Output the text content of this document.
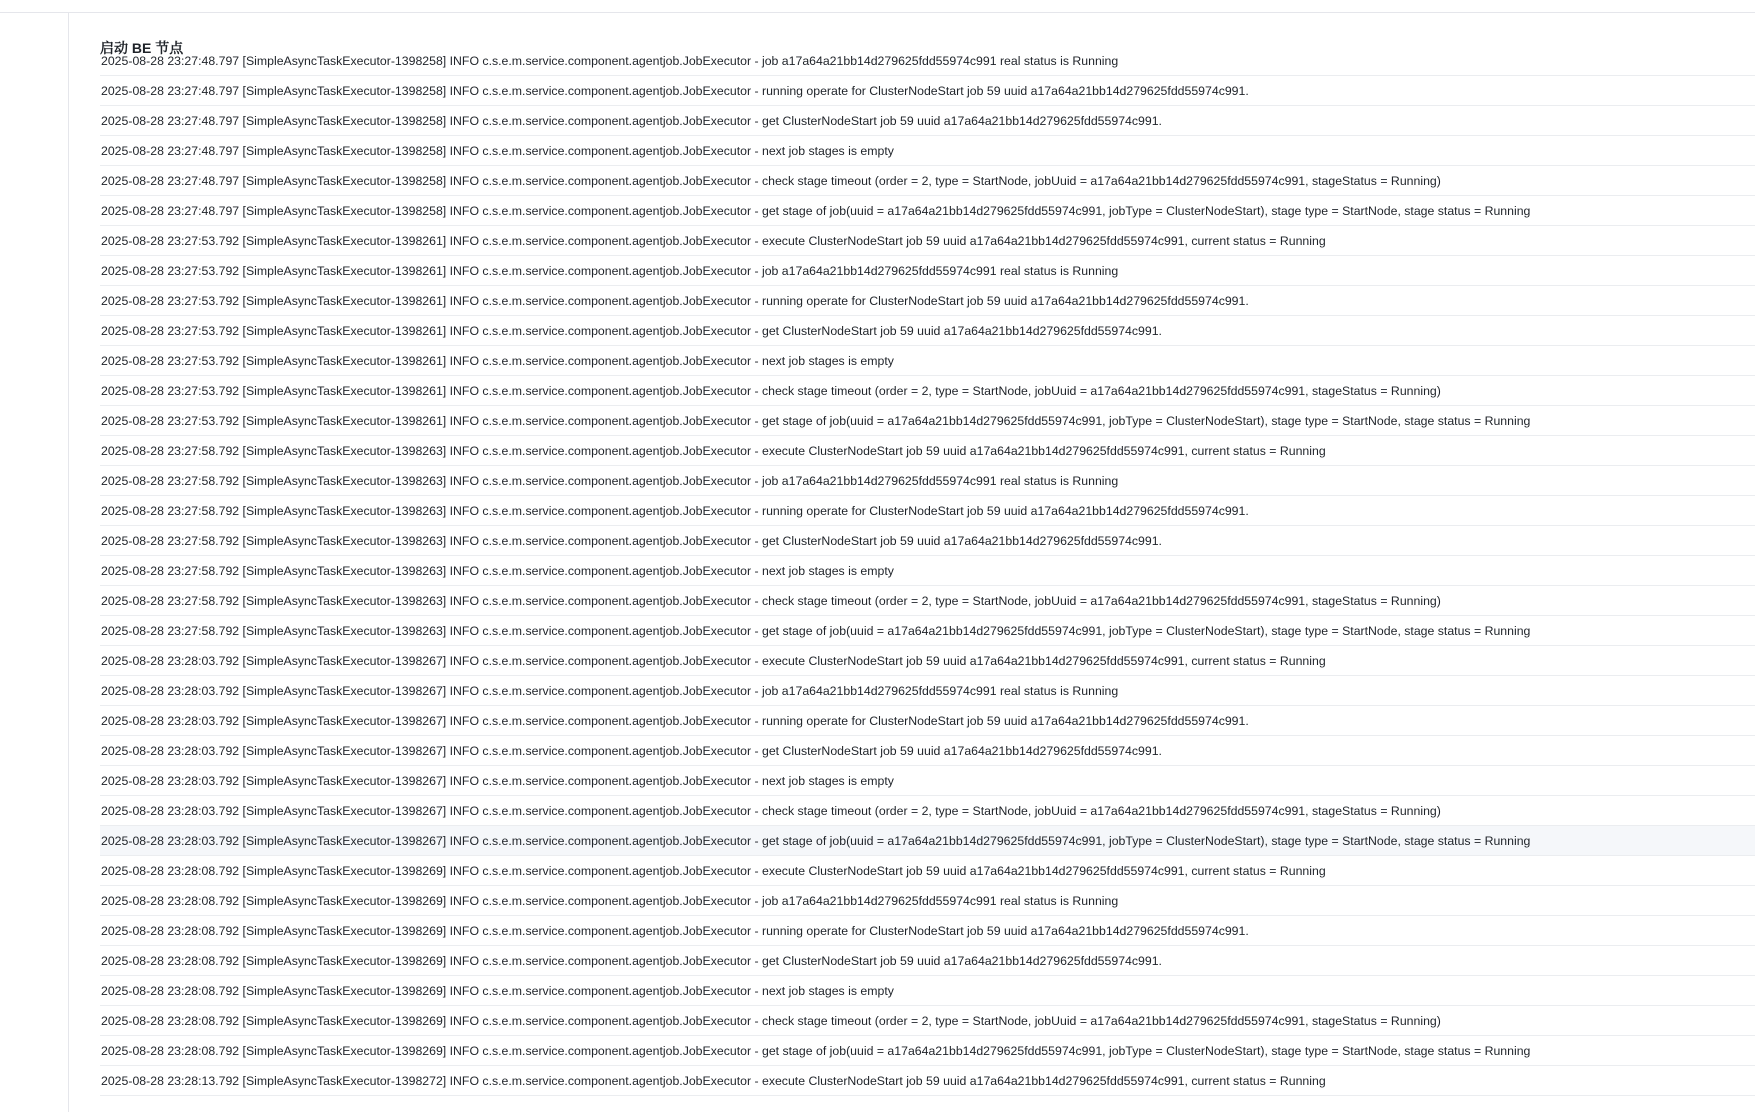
启动 BE 节点
2025-08-28 23:27:48.797 [SimpleAsyncTaskExecutor-1398258] INFO c.s.e.m.service.component.agentjob.JobExecutor - job a17a64a21bb14d279625fdd55974c991 real status is Running
2025-08-28 23:27:48.797 [SimpleAsyncTaskExecutor-1398258] INFO c.s.e.m.service.component.agentjob.JobExecutor - running operate for ClusterNodeStart job 59 uuid a17a64a21bb14d279625fdd55974c991.
2025-08-28 23:27:48.797 [SimpleAsyncTaskExecutor-1398258] INFO c.s.e.m.service.component.agentjob.JobExecutor - get ClusterNodeStart job 59 uuid a17a64a21bb14d279625fdd55974c991.
2025-08-28 23:27:48.797 [SimpleAsyncTaskExecutor-1398258] INFO c.s.e.m.service.component.agentjob.JobExecutor - next job stages is empty
2025-08-28 23:27:48.797 [SimpleAsyncTaskExecutor-1398258] INFO c.s.e.m.service.component.agentjob.JobExecutor - check stage timeout (order = 2, type = StartNode, jobUuid = a17a64a21bb14d279625fdd55974c991, stageStatus = Running)
2025-08-28 23:27:48.797 [SimpleAsyncTaskExecutor-1398258] INFO c.s.e.m.service.component.agentjob.JobExecutor - get stage of job(uuid = a17a64a21bb14d279625fdd55974c991, jobType = ClusterNodeStart), stage type = StartNode, stage status = Running
2025-08-28 23:27:53.792 [SimpleAsyncTaskExecutor-1398261] INFO c.s.e.m.service.component.agentjob.JobExecutor - execute ClusterNodeStart job 59 uuid a17a64a21bb14d279625fdd55974c991, current status = Running
2025-08-28 23:27:53.792 [SimpleAsyncTaskExecutor-1398261] INFO c.s.e.m.service.component.agentjob.JobExecutor - job a17a64a21bb14d279625fdd55974c991 real status is Running
2025-08-28 23:27:53.792 [SimpleAsyncTaskExecutor-1398261] INFO c.s.e.m.service.component.agentjob.JobExecutor - running operate for ClusterNodeStart job 59 uuid a17a64a21bb14d279625fdd55974c991.
2025-08-28 23:27:53.792 [SimpleAsyncTaskExecutor-1398261] INFO c.s.e.m.service.component.agentjob.JobExecutor - get ClusterNodeStart job 59 uuid a17a64a21bb14d279625fdd55974c991.
2025-08-28 23:27:53.792 [SimpleAsyncTaskExecutor-1398261] INFO c.s.e.m.service.component.agentjob.JobExecutor - next job stages is empty
2025-08-28 23:27:53.792 [SimpleAsyncTaskExecutor-1398261] INFO c.s.e.m.service.component.agentjob.JobExecutor - check stage timeout (order = 2, type = StartNode, jobUuid = a17a64a21bb14d279625fdd55974c991, stageStatus = Running)
2025-08-28 23:27:53.792 [SimpleAsyncTaskExecutor-1398261] INFO c.s.e.m.service.component.agentjob.JobExecutor - get stage of job(uuid = a17a64a21bb14d279625fdd55974c991, jobType = ClusterNodeStart), stage type = StartNode, stage status = Running
2025-08-28 23:27:58.792 [SimpleAsyncTaskExecutor-1398263] INFO c.s.e.m.service.component.agentjob.JobExecutor - execute ClusterNodeStart job 59 uuid a17a64a21bb14d279625fdd55974c991, current status = Running
2025-08-28 23:27:58.792 [SimpleAsyncTaskExecutor-1398263] INFO c.s.e.m.service.component.agentjob.JobExecutor - job a17a64a21bb14d279625fdd55974c991 real status is Running
2025-08-28 23:27:58.792 [SimpleAsyncTaskExecutor-1398263] INFO c.s.e.m.service.component.agentjob.JobExecutor - running operate for ClusterNodeStart job 59 uuid a17a64a21bb14d279625fdd55974c991.
2025-08-28 23:27:58.792 [SimpleAsyncTaskExecutor-1398263] INFO c.s.e.m.service.component.agentjob.JobExecutor - get ClusterNodeStart job 59 uuid a17a64a21bb14d279625fdd55974c991.
2025-08-28 23:27:58.792 [SimpleAsyncTaskExecutor-1398263] INFO c.s.e.m.service.component.agentjob.JobExecutor - next job stages is empty
2025-08-28 23:27:58.792 [SimpleAsyncTaskExecutor-1398263] INFO c.s.e.m.service.component.agentjob.JobExecutor - check stage timeout (order = 2, type = StartNode, jobUuid = a17a64a21bb14d279625fdd55974c991, stageStatus = Running)
2025-08-28 23:27:58.792 [SimpleAsyncTaskExecutor-1398263] INFO c.s.e.m.service.component.agentjob.JobExecutor - get stage of job(uuid = a17a64a21bb14d279625fdd55974c991, jobType = ClusterNodeStart), stage type = StartNode, stage status = Running
2025-08-28 23:28:03.792 [SimpleAsyncTaskExecutor-1398267] INFO c.s.e.m.service.component.agentjob.JobExecutor - execute ClusterNodeStart job 59 uuid a17a64a21bb14d279625fdd55974c991, current status = Running
2025-08-28 23:28:03.792 [SimpleAsyncTaskExecutor-1398267] INFO c.s.e.m.service.component.agentjob.JobExecutor - job a17a64a21bb14d279625fdd55974c991 real status is Running
2025-08-28 23:28:03.792 [SimpleAsyncTaskExecutor-1398267] INFO c.s.e.m.service.component.agentjob.JobExecutor - running operate for ClusterNodeStart job 59 uuid a17a64a21bb14d279625fdd55974c991.
2025-08-28 23:28:03.792 [SimpleAsyncTaskExecutor-1398267] INFO c.s.e.m.service.component.agentjob.JobExecutor - get ClusterNodeStart job 59 uuid a17a64a21bb14d279625fdd55974c991.
2025-08-28 23:28:03.792 [SimpleAsyncTaskExecutor-1398267] INFO c.s.e.m.service.component.agentjob.JobExecutor - next job stages is empty
2025-08-28 23:28:03.792 [SimpleAsyncTaskExecutor-1398267] INFO c.s.e.m.service.component.agentjob.JobExecutor - check stage timeout (order = 2, type = StartNode, jobUuid = a17a64a21bb14d279625fdd55974c991, stageStatus = Running)
2025-08-28 23:28:03.792 [SimpleAsyncTaskExecutor-1398267] INFO c.s.e.m.service.component.agentjob.JobExecutor - get stage of job(uuid = a17a64a21bb14d279625fdd55974c991, jobType = ClusterNodeStart), stage type = StartNode, stage status = Running
2025-08-28 23:28:08.792 [SimpleAsyncTaskExecutor-1398269] INFO c.s.e.m.service.component.agentjob.JobExecutor - execute ClusterNodeStart job 59 uuid a17a64a21bb14d279625fdd55974c991, current status = Running
2025-08-28 23:28:08.792 [SimpleAsyncTaskExecutor-1398269] INFO c.s.e.m.service.component.agentjob.JobExecutor - job a17a64a21bb14d279625fdd55974c991 real status is Running
2025-08-28 23:28:08.792 [SimpleAsyncTaskExecutor-1398269] INFO c.s.e.m.service.component.agentjob.JobExecutor - running operate for ClusterNodeStart job 59 uuid a17a64a21bb14d279625fdd55974c991.
2025-08-28 23:28:08.792 [SimpleAsyncTaskExecutor-1398269] INFO c.s.e.m.service.component.agentjob.JobExecutor - get ClusterNodeStart job 59 uuid a17a64a21bb14d279625fdd55974c991.
2025-08-28 23:28:08.792 [SimpleAsyncTaskExecutor-1398269] INFO c.s.e.m.service.component.agentjob.JobExecutor - next job stages is empty
2025-08-28 23:28:08.792 [SimpleAsyncTaskExecutor-1398269] INFO c.s.e.m.service.component.agentjob.JobExecutor - check stage timeout (order = 2, type = StartNode, jobUuid = a17a64a21bb14d279625fdd55974c991, stageStatus = Running)
2025-08-28 23:28:08.792 [SimpleAsyncTaskExecutor-1398269] INFO c.s.e.m.service.component.agentjob.JobExecutor - get stage of job(uuid = a17a64a21bb14d279625fdd55974c991, jobType = ClusterNodeStart), stage type = StartNode, stage status = Running
2025-08-28 23:28:13.792 [SimpleAsyncTaskExecutor-1398272] INFO c.s.e.m.service.component.agentjob.JobExecutor - execute ClusterNodeStart job 59 uuid a17a64a21bb14d279625fdd55974c991, current status = Running
